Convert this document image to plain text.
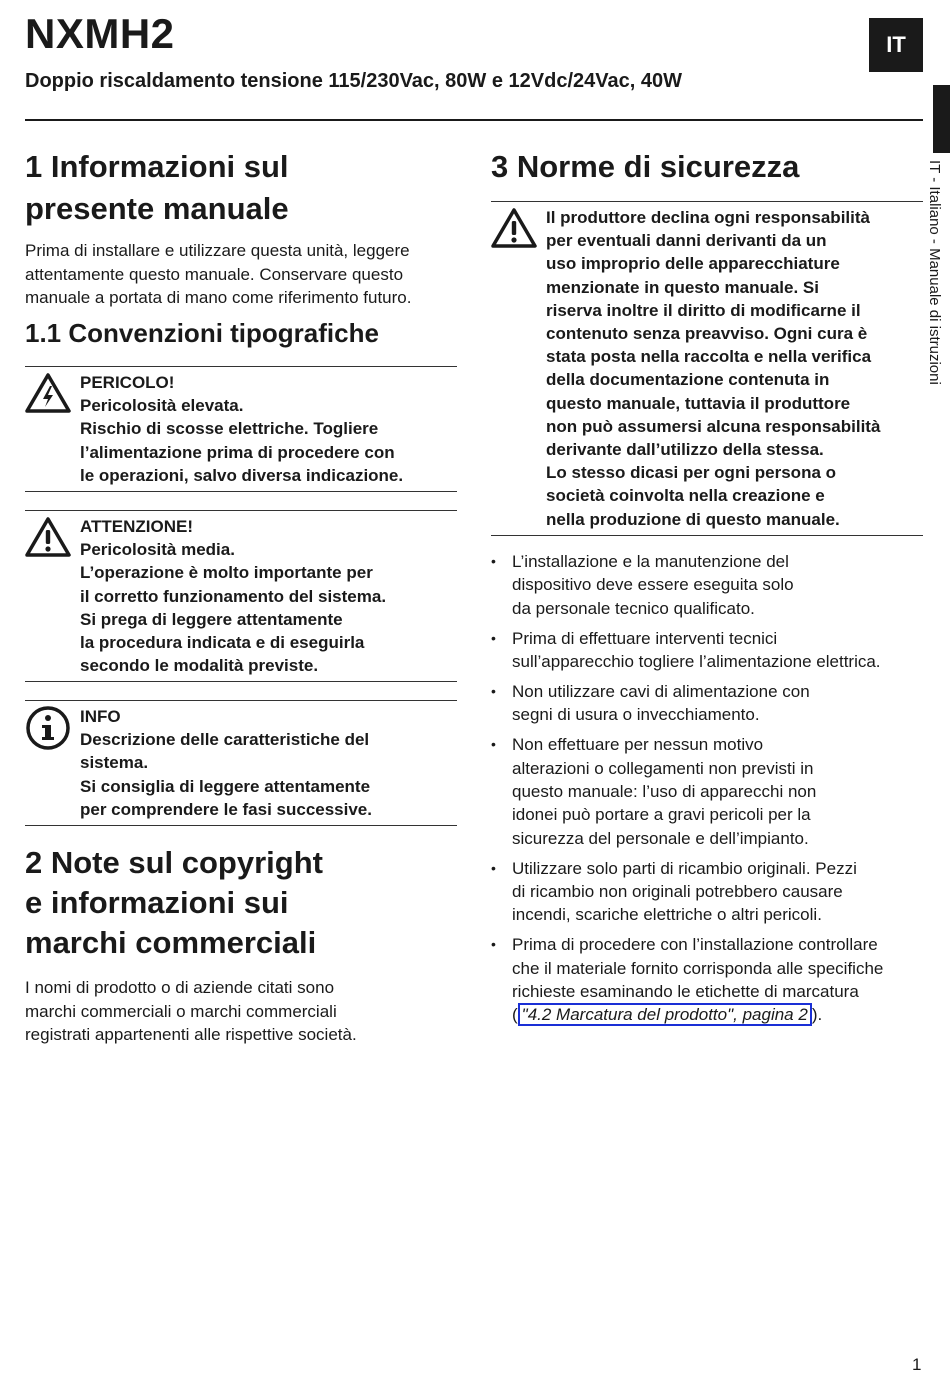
NXMH2
Doppio riscaldamento tensione 115/230Vac, 80W e 12Vdc/24Vac, 40W
IT
IT - Italiano - Manuale di istruzioni
1 Informazioni sul
presente manuale
Prima di installare e utilizzare questa unità, leggere
attentamente questo manuale. Conservare questo
manuale a portata di mano come riferimento futuro.
1.1 Convenzioni tipografiche
PERICOLO!
Pericolosità elevata.
Rischio di scosse elettriche. Togliere
l’alimentazione prima di procedere con
le operazioni, salvo diversa indicazione.
ATTENZIONE!
Pericolosità media.
L’operazione è molto importante per
il corretto funzionamento del sistema.
Si prega di leggere attentamente
la procedura indicata e di eseguirla
secondo le modalità previste.
INFO
Descrizione delle caratteristiche del
sistema.
Si consiglia di leggere attentamente
per comprendere le fasi successive.
2 Note sul copyright
e informazioni sui
marchi commerciali
I nomi di prodotto o di aziende citati sono
marchi commerciali o marchi commerciali
registrati appartenenti alle rispettive società.
3 Norme di sicurezza
Il produttore declina ogni responsabilità
per eventuali danni derivanti da un
uso improprio delle apparecchiature
menzionate in questo manuale. Si
riserva inoltre il diritto di modificarne il
contenuto senza preavviso. Ogni cura è
stata posta nella raccolta e nella verifica
della documentazione contenuta in
questo manuale, tuttavia il produttore
non può assumersi alcuna responsabilità
derivante dall’utilizzo della stessa.
Lo stesso dicasi per ogni persona o
società coinvolta nella creazione e
nella produzione di questo manuale.
• L’installazione e la manutenzione del
dispositivo deve essere eseguita solo
da personale tecnico qualificato.
• Prima di effettuare interventi tecnici
sull’apparecchio togliere l’alimentazione elettrica.
• Non utilizzare cavi di alimentazione con
segni di usura o invecchiamento.
• Non effettuare per nessun motivo
alterazioni o collegamenti non previsti in
questo manuale: l’uso di apparecchi non
idonei può portare a gravi pericoli per la
sicurezza del personale e dell’impianto.
• Utilizzare solo parti di ricambio originali. Pezzi
di ricambio non originali potrebbero causare
incendi, scariche elettriche o altri pericoli.
• Prima di procedere con l’installazione controllare
che il materiale fornito corrisponda alle specifiche
richieste esaminando le etichette di marcatura
( "4.2 Marcatura del prodotto", pagina 2 ).
1
